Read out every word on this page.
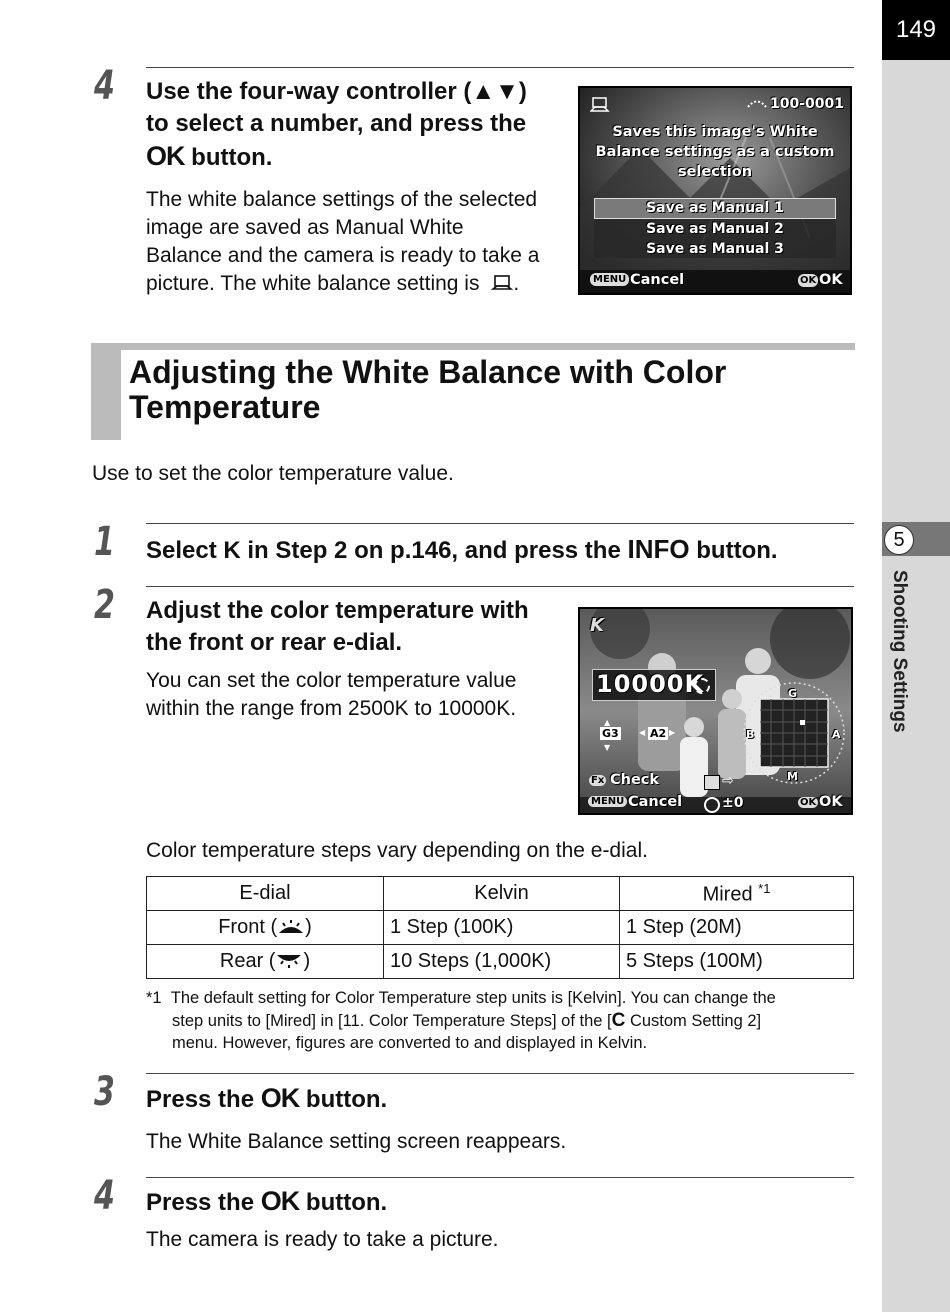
149
5
Shooting Settings
4 Use the four-way controller (▲▼)
to select a number, and press the
OK button.
The white balance settings of the selected
image are saved as Manual White
Balance and the camera is ready to take a
picture. The white balance setting is .
100-0001
Saves this image's White
Balance settings as a custom
selection
Save as Manual 1
Save as Manual 2
Save as Manual 3
MENU Cancel	OK OK
Adjusting the White Balance with Color
Temperature
Use to set the color temperature value.
1 Select K in Step 2 on p.146, and press the INFO button.
2 Adjust the color temperature with
the front or rear e-dial.
You can set the color temperature value
within the range from 2500K to 10000K.
K
10000K	G
B	A
M
▲
G3
▼
◀ A2 ▶
Fx Check	⇨
MENU Cancel	±0	OK OK
Color temperature steps vary depending on the e-dial.
E-dial	Kelvin	Mired $^{*1}$
Front ( )	1 Step (100K)	1 Step (20M)
Rear ( )	10 Steps (1,000K)	5 Steps (100M)
*1 The default setting for Color Temperature step units is [Kelvin]. You can change the
step units to [Mired] in [11. Color Temperature Steps] of the [C Custom Setting 2]
menu. However, figures are converted to and displayed in Kelvin.
3 Press the OK button.
The White Balance setting screen reappears.
4 Press the OK button.
The camera is ready to take a picture.
